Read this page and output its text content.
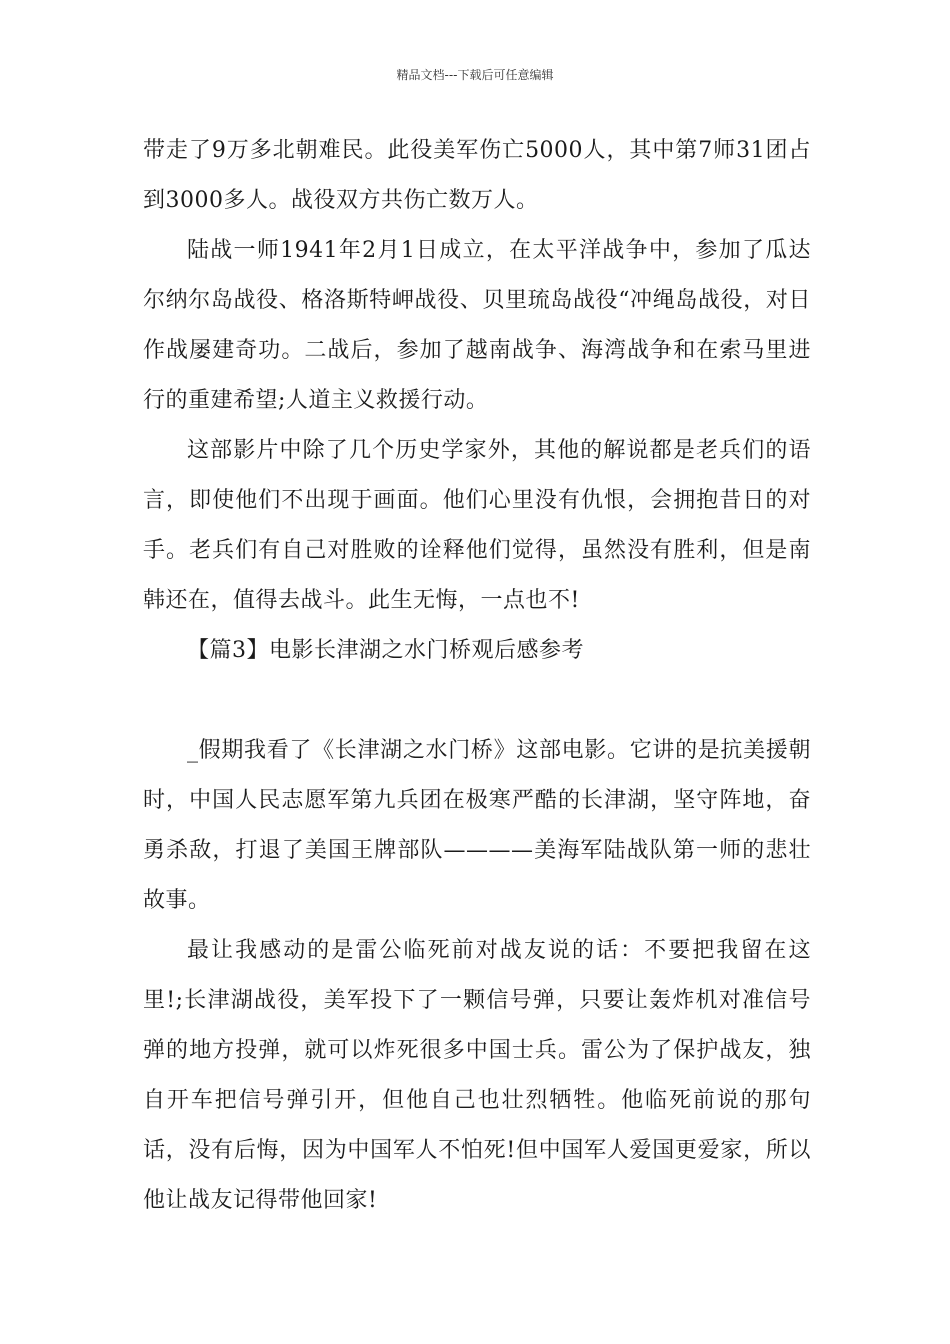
精品文档---下载后可任意编辑

带走了9万多北朝难民。此役美军伤亡5000人，其中第7师31团占到3000多人。战役双方共伤亡数万人。

陆战一师1941年2月1日成立，在太平洋战争中，参加了瓜达尔纳尔岛战役、格洛斯特岬战役、贝里琉岛战役“冲绳岛战役，对日作战屡建奇功。二战后，参加了越南战争、海湾战争和在索马里进行的重建希望;人道主义救援行动。

这部影片中除了几个历史学家外，其他的解说都是老兵们的语言，即使他们不出现于画面。他们心里没有仇恨，会拥抱昔日的对手。老兵们有自己对胜败的诠释他们觉得，虽然没有胜利，但是南韩还在，值得去战斗。此生无悔，一点也不!

【篇3】电影长津湖之水门桥观后感参考

_假期我看了《长津湖之水门桥》这部电影。它讲的是抗美援朝时，中国人民志愿军第九兵团在极寒严酷的长津湖，坚守阵地，奋勇杀敌，打退了美国王牌部队————美海军陆战队第一师的悲壮故事。

最让我感动的是雷公临死前对战友说的话：不要把我留在这里!;长津湖战役，美军投下了一颗信号弹，只要让轰炸机对准信号弹的地方投弹，就可以炸死很多中国士兵。雷公为了保护战友，独自开车把信号弹引开，但他自己也壮烈牺牲。他临死前说的那句话，没有后悔，因为中国军人不怕死!但中国军人爱国更爱家，所以他让战友记得带他回家!
